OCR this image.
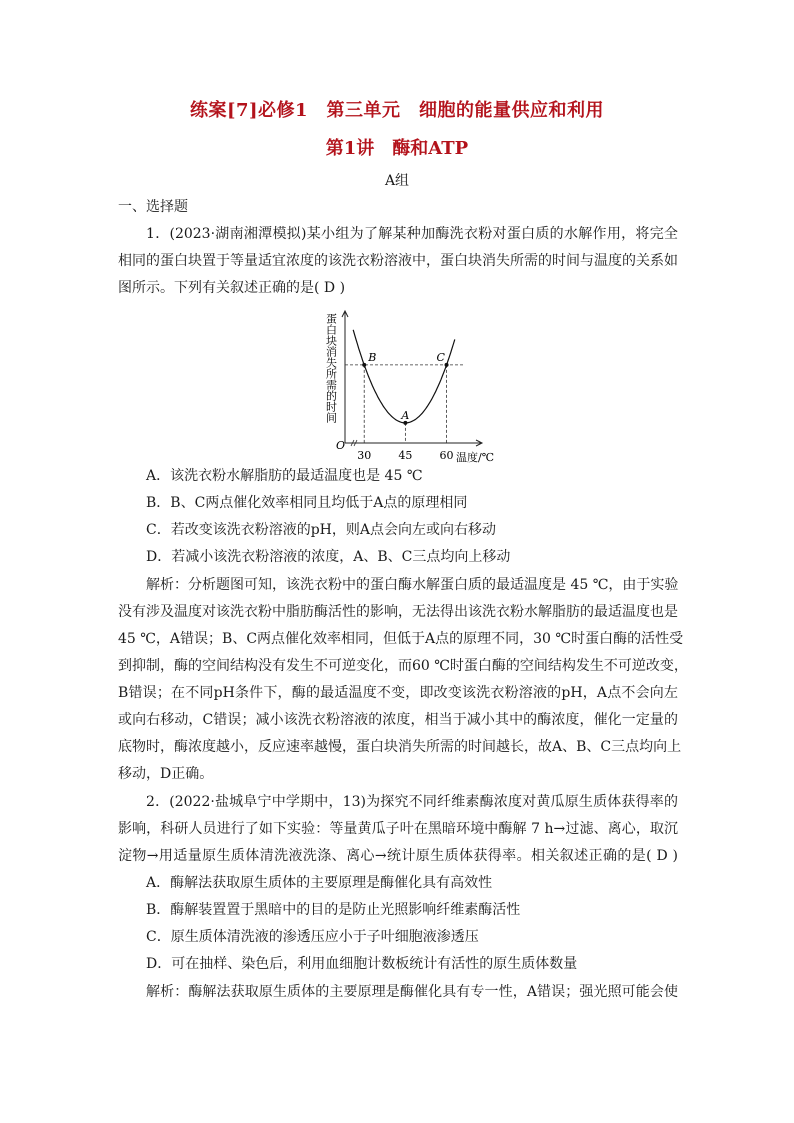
练案[7]必修1　第三单元　细胞的能量供应和利用
第1讲　酶和ATP
A组
一、选择题
1．(2023·湖南湘潭模拟)某小组为了解某种加酶洗衣粉对蛋白质的水解作用，将完全
相同的蛋白块置于等量适宜浓度的该洗衣粉溶液中，蛋白块消失所需的时间与温度的关系如
图所示。下列有关叙述正确的是( D )
O
蛋白块消失所需的时间
温度/℃
30 45 60
B
A
C
A．该洗衣粉水解脂肪的最适温度也是 45 ℃
B．B、C两点催化效率相同且均低于A点的原理相同
C．若改变该洗衣粉溶液的pH，则A点会向左或向右移动
D．若减小该洗衣粉溶液的浓度，A、B、C三点均向上移动
解析：分析题图可知，该洗衣粉中的蛋白酶水解蛋白质的最适温度是 45 ℃，由于实验
没有涉及温度对该洗衣粉中脂肪酶活性的影响，无法得出该洗衣粉水解脂肪的最适温度也是
45 ℃，A错误；B、C两点催化效率相同，但低于A点的原理不同，30 ℃时蛋白酶的活性受
到抑制，酶的空间结构没有发生不可逆变化，而60 ℃时蛋白酶的空间结构发生不可逆改变，
B错误；在不同pH条件下，酶的最适温度不变，即改变该洗衣粉溶液的pH，A点不会向左
或向右移动，C错误；减小该洗衣粉溶液的浓度，相当于减小其中的酶浓度，催化一定量的
底物时，酶浓度越小，反应速率越慢，蛋白块消失所需的时间越长，故A、B、C三点均向上
移动，D正确。
2．(2022·盐城阜宁中学期中，13)为探究不同纤维素酶浓度对黄瓜原生质体获得率的
影响，科研人员进行了如下实验：等量黄瓜子叶在黑暗环境中酶解 7 h→过滤、离心，取沉
淀物→用适量原生质体清洗液洗涤、离心→统计原生质体获得率。相关叙述正确的是( D )
A．酶解法获取原生质体的主要原理是酶催化具有高效性
B．酶解装置置于黑暗中的目的是防止光照影响纤维素酶活性
C．原生质体清洗液的渗透压应小于子叶细胞液渗透压
D．可在抽样、染色后，利用血细胞计数板统计有活性的原生质体数量
解析：酶解法获取原生质体的主要原理是酶催化具有专一性，A错误；强光照可能会使
